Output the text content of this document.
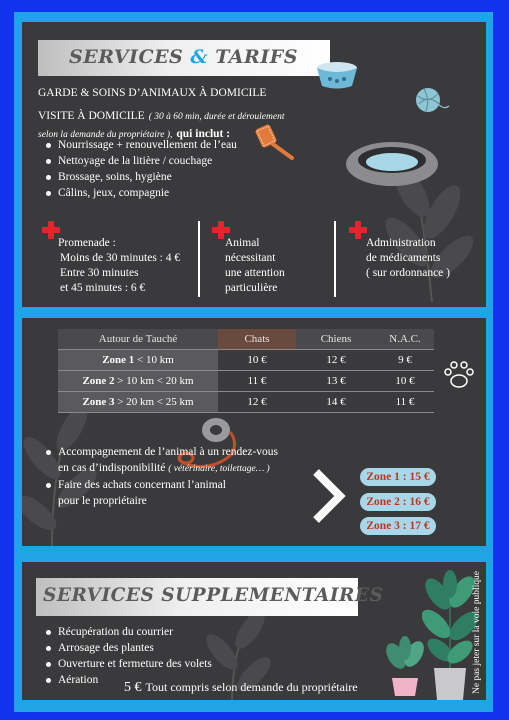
SERVICES & TARIFS
GARDE & SOINS D’ANIMAUX À DOMICILE
VISITE À DOMICILE ( 30 à 60 min, durée et déroulement selon la demande du propriétaire ), qui inclut :
Nourrissage + renouvellement de l’eau
Nettoyage de la litière / couchage
Brossage, soins, hygiène
Câlins, jeux, compagnie
Promenade :
Moins de 30 minutes : 4 €
Entre 30 minutes
et 45 minutes : 6 €
Animal
nécessitant
une attention
particulière
Administration
de médicaments
( sur ordonnance )
Autour de Tauché	Chats	Chiens	N.A.C.
Zone 1 < 10 km	10 €	12 €	9 €
Zone 2 > 10 km < 20 km	11 €	13 €	10 €
Zone 3 > 20 km < 25 km	12 €	14 €	11 €
Accompagnement de l’animal à un rendez-vous
en cas d’indisponibilité ( vétérinaire, toilettage… )
Faire des achats concernant l’animal
pour le propriétaire
Zone 1 : 15 €
Zone 2 : 16 €
Zone 3 : 17 €
SERVICES SUPPLEMENTAIRES
Récupération du courrier
Arrosage des plantes
Ouverture et fermeture des volets
Aération	5 € Tout compris selon demande du propriétaire	Ne pas jeter sur la voie publique
